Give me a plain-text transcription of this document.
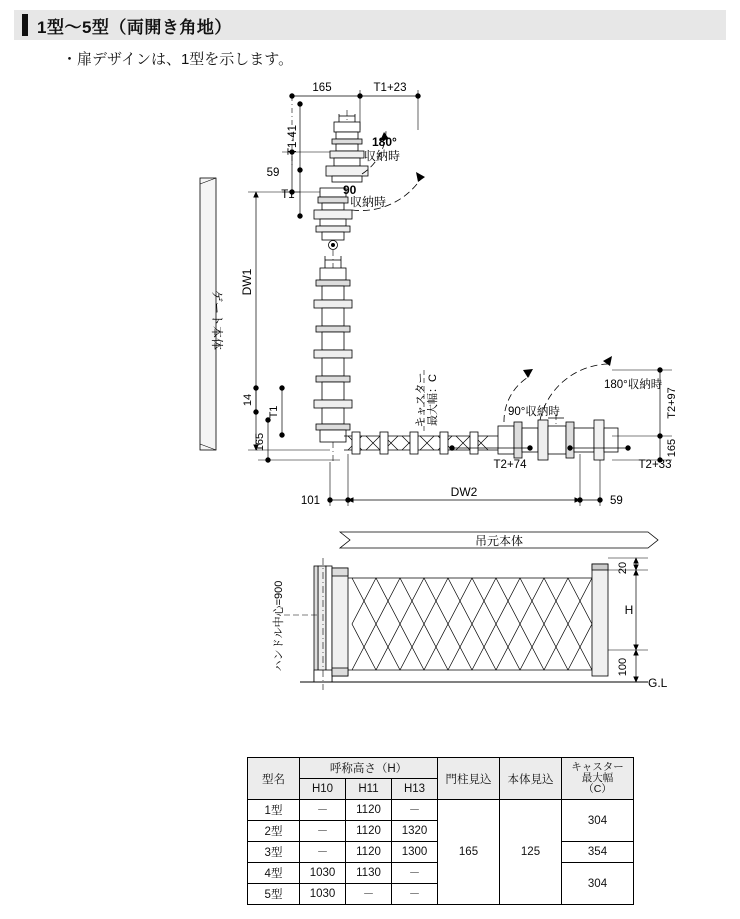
1型～5型（両開き角地）
・扉デザインは、1型を示します。
165	T1+23
T1-41
59
T1
180°
収納時
90
収納時
ゲート本体
DW1
14
T1
165
キャスター 最大幅：C	90°収納時
180°収納時
T2+97
165
T2+74	T2+33
101
DW2
59
吊元本体
20
H
100
G.L
ハンドル中心=900
型名	呼称高さ（H）			門柱見込	本体見込	キャスター
最大幅
（C）

	H10	H11	H13			
1型	－	1120	－	165	125	304
2型	－	1120	1320			
3型	－	1120	1300			354
4型	1030	1130	－			304
5型	1030	－	－			
